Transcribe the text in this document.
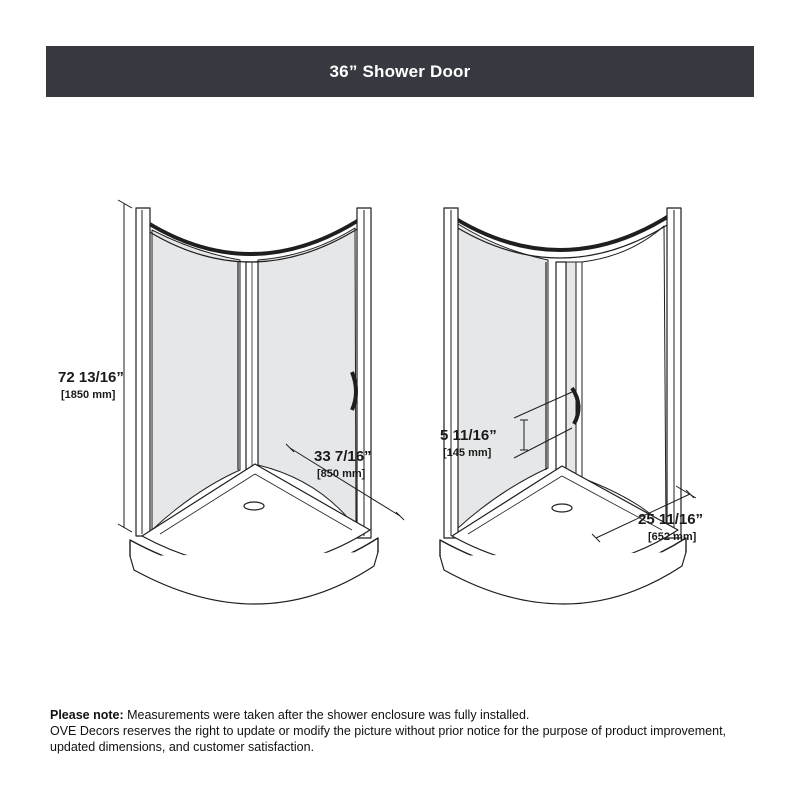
36” Shower Door
72 13/16”
[1850 mm]
33 7/16”
[850 mm]
5 11/16”
[145 mm]
25 11/16”
[652 mm]

Please note: Measurements were taken after the shower enclosure was fully installed.

OVE Decors reserves the right to update or modify the picture without prior notice for the purpose of product improvement, updated dimensions, and customer satisfaction.
